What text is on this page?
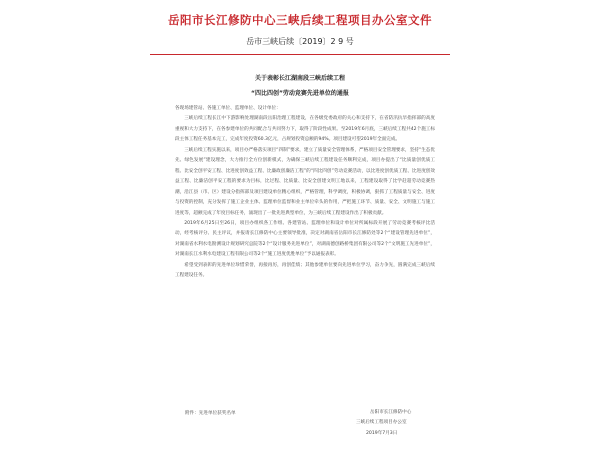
岳阳市长江修防中心三峡后续工程项目办公室文件
岳市三峡后续〔2019〕2 9 号
关于表彰长江湖南段三峡后续工程
“四比四创”劳动竞赛先进单位的通报

各现场建管站、各施工单位、监理单位、设计单位：

三峡后续工程长江中下游影响处理湖南段岳阳治理工程建设，在各级党委政府的关心和支持下，在省防汛抗旱指挥部的高度重视和大力支持下，在各参建单位的共同配合与共同努力下，取得了阶段性成果。至2019年6月底，三峡后续工程共42个施工标段主体工程任务基本完工，完成年度投资60.3亿元，占规划投资总额的94%。项目建设可望2019年全面完成。

三峡后续工程实施以来，项目办严格落实项目“四制”要求，建立了质量安全管理体系，严格项目安全管理要求，坚持“生态优先、绿色发展”建设理念，大力推行全方位创新模式，为确保三峡后续工程建设任务顺利完成，项目办提出了“比质量创优质工程、比安全创平安工程、比进度创效益工程、比廉政创廉洁工程”的“四比四创”劳动竞赛活动，以比进度创优质工程、比进度创效益工程、比廉洁创平安工程的要求为目标，比过程、比质量、比安全创建文明工地以来，工程建设取得了比学赶超劳动竞赛热潮，沿江县（市、区）建设分指挥部及项目建设单位精心组织，严格管理，科学调度，积极协调，狠抓了工程质量与安全、进度与投资的控制，充分发挥了施工企业主体、监理单位监督和业主单位牵头的作用，严把施工环节、质量、安全、文明施工与施工进度等，超额完成了年度目标任务，涌现出了一批先进典型单位，为三峡后续工程建设作出了积极贡献。

2019年6月25日至26日，项目办组织各工作组、各建管站、监理单位和设计单位对所属标段开展了劳动竞赛考核评比活动，经考核评分、民主评议，并报请长江修防中心主要领导批准，决定对湖南省岳阳市长江修防处等2个“建设管理先进单位”，对湖南省水利水电勘测设计规划研究总院等2个“设计服务先进单位”，对湖南德创路桥集团有限公司等2个“文明施工先进单位”，对湖南长江水利水电建设工程有限公司等2个“施工进度优胜单位”予以通报表彰。

希望受到表彰的先进单位珍惜荣誉，再接再厉，再创佳绩；其他参建单位要向先进单位学习，奋力争先，圆满完成三峡后续工程建设任务。

附件：先进单位获奖名单	岳阳市长江修防中心
三峡后续工程项目办公室
2019年7月3日
